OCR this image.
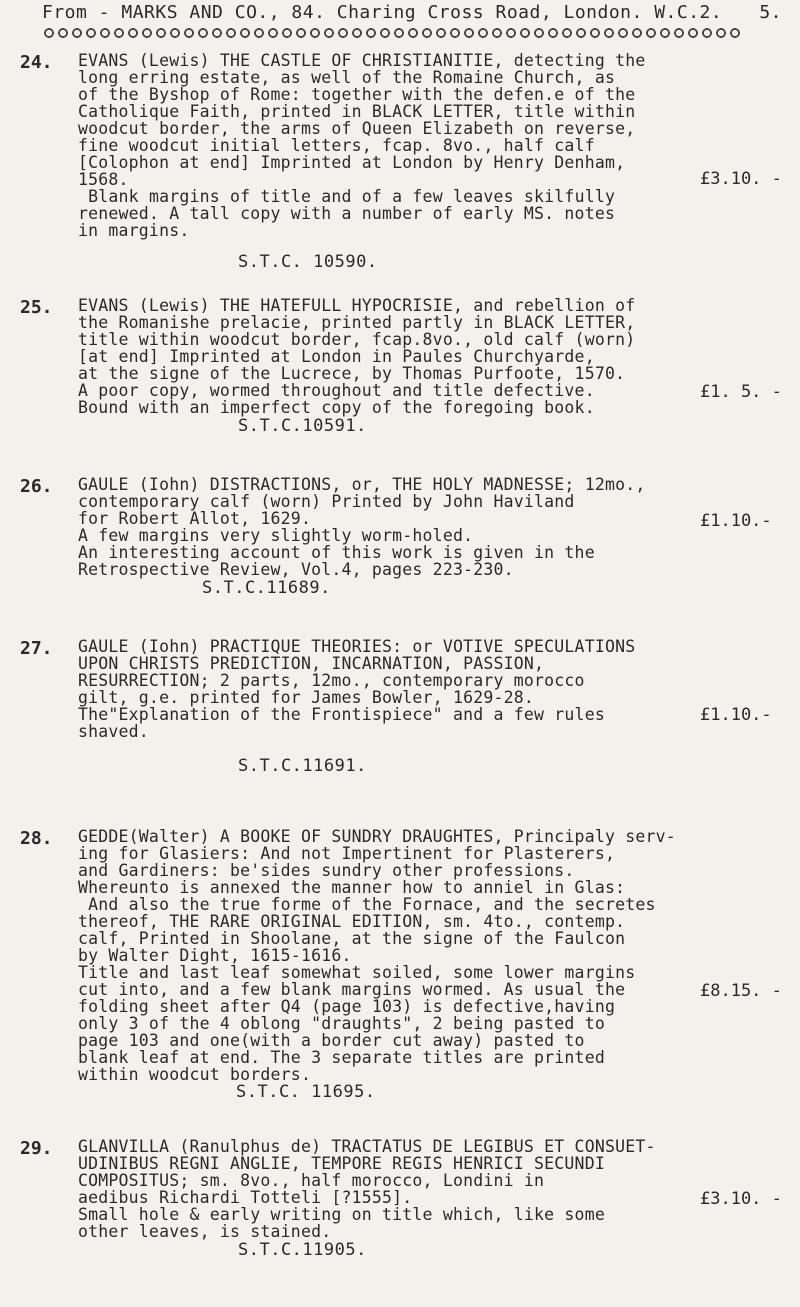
From - MARKS AND CO., 84. Charing Cross Road, London. W.C.2. 5.
24. EVANS (Lewis) THE CASTLE OF CHRISTIANITIE, detecting the

long erring estate, as well of the Romaine Church, as

of the Byshop of Rome: together with the defen.e of the

Catholique Faith, printed in BLACK LETTER, title within

woodcut border, the arms of Queen Elizabeth on reverse,

fine woodcut initial letters, fcap. 8vo., half calf

[Colophon at end] Imprinted at London by Henry Denham,

1568.

Blank margins of title and of a few leaves skilfully

renewed. A tall copy with a number of early MS. notes

in margins.

S.T.C. 10590.
£3.10. -
25. EVANS (Lewis) THE HATEFULL HYPOCRISIE, and rebellion of

the Romanishe prelacie, printed partly in BLACK LETTER,

title within woodcut border, fcap.8vo., old calf (worn)

[at end] Imprinted at London in Paules Churchyarde,

at the signe of the Lucrece, by Thomas Purfoote, 1570.

A poor copy, wormed throughout and title defective.

Bound with an imperfect copy of the foregoing book.

S.T.C.10591.
£1. 5. -
26. GAULE (Iohn) DISTRACTIONS, or, THE HOLY MADNESSE; 12mo.,

contemporary calf (worn) Printed by John Haviland

for Robert Allot, 1629.

A few margins very slightly worm-holed.

An interesting account of this work is given in the

Retrospective Review, Vol.4, pages 223-230.

S.T.C.11689.
£1.10.-
27. GAULE (Iohn) PRACTIQUE THEORIES: or VOTIVE SPECULATIONS

UPON CHRISTS PREDICTION, INCARNATION, PASSION,

RESURRECTION; 2 parts, 12mo., contemporary morocco

gilt, g.e. printed for James Bowler, 1629-28.

The"Explanation of the Frontispiece" and a few rules

shaved.

S.T.C.11691.
£1.10.-
28. GEDDE(Walter) A BOOKE OF SUNDRY DRAUGHTES, Principaly serv-

ing for Glasiers: And not Impertinent for Plasterers,

and Gardiners: be'sides sundry other professions.

Whereunto is annexed the manner how to anniel in Glas:

And also the true forme of the Fornace, and the secretes

thereof, THE RARE ORIGINAL EDITION, sm. 4to., contemp.

calf, Printed in Shoolane, at the signe of the Faulcon

by Walter Dight, 1615-1616.

Title and last leaf somewhat soiled, some lower margins

cut into, and a few blank margins wormed. As usual the

folding sheet after Q4 (page 103) is defective,having

only 3 of the 4 oblong "draughts", 2 being pasted to

page 103 and one(with a border cut away) pasted to

blank leaf at end. The 3 separate titles are printed

within woodcut borders.

S.T.C. 11695.
£8.15. -
29. GLANVILLA (Ranulphus de) TRACTATUS DE LEGIBUS ET CONSUET-

UDINIBUS REGNI ANGLIE, TEMPORE REGIS HENRICI SECUNDI

COMPOSITUS; sm. 8vo., half morocco, Londini in

aedibus Richardi Totteli [?1555].

Small hole & early writing on title which, like some

other leaves, is stained.

S.T.C.11905.
£3.10. -
